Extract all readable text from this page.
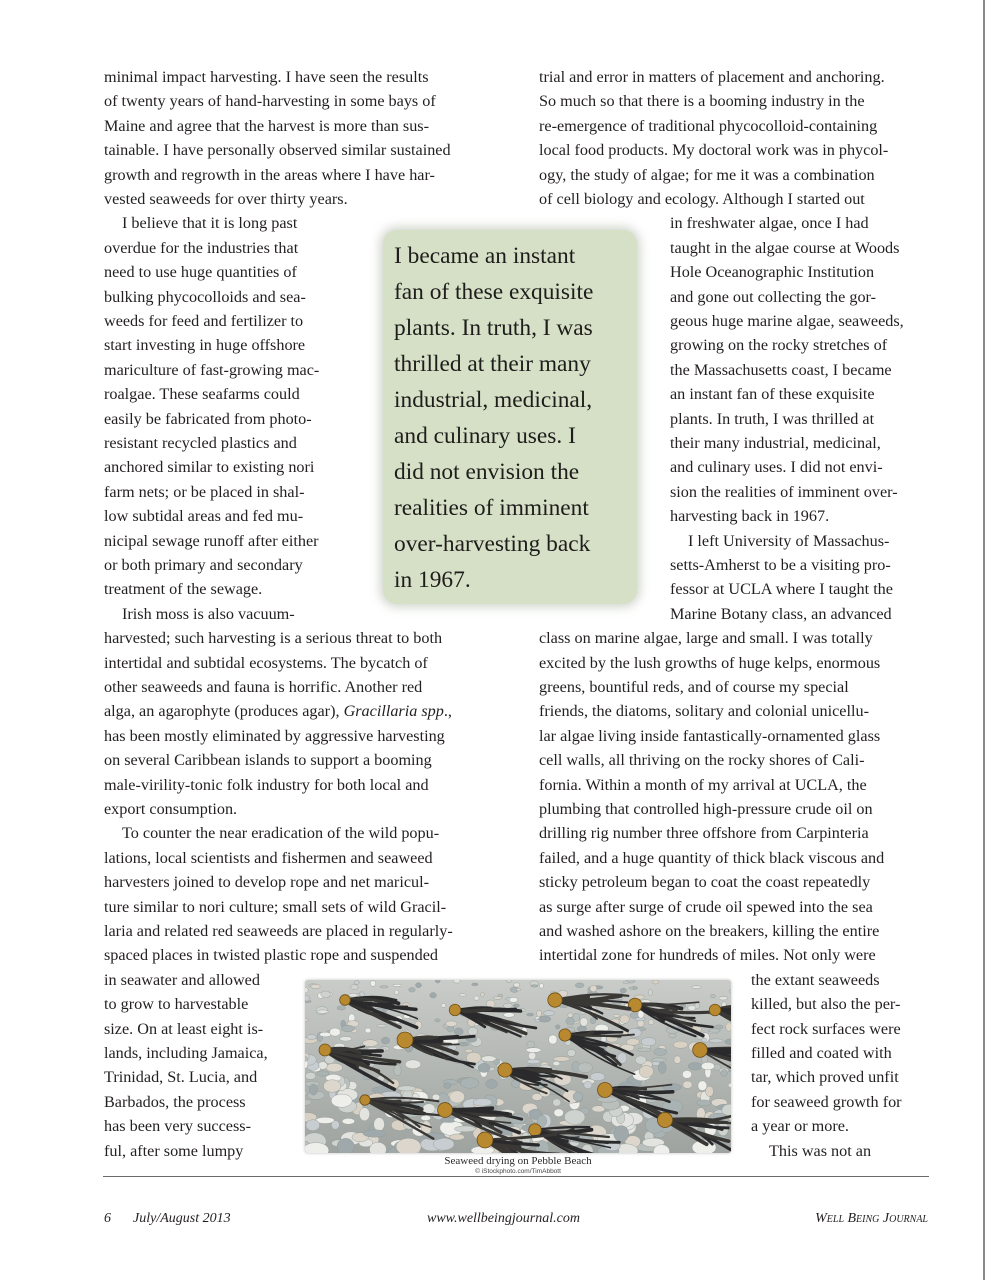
minimal impact harvesting. I have seen the results
of twenty years of hand-harvesting in some bays of
Maine and agree that the harvest is more than sus-
tainable. I have personally observed similar sustained
growth and regrowth in the areas where I have har-
vested seaweeds for over thirty years.
I believe that it is long past
overdue for the industries that
need to use huge quantities of
bulking phycocolloids and sea-
weeds for feed and fertilizer to
start investing in huge offshore
mariculture of fast-growing mac-
roalgae. These seafarms could
easily be fabricated from photo-
resistant recycled plastics and
anchored similar to existing nori
farm nets; or be placed in shal-
low subtidal areas and fed mu-
nicipal sewage runoff after either
or both primary and secondary
treatment of the sewage.
Irish moss is also vacuum-
harvested; such harvesting is a serious threat to both
intertidal and subtidal ecosystems. The bycatch of
other seaweeds and fauna is horrific. Another red
alga, an agarophyte (produces agar), Gracillaria spp.,
has been mostly eliminated by aggressive harvesting
on several Caribbean islands to support a booming
male-virility-tonic folk industry for both local and
export consumption.
To counter the near eradication of the wild popu-
lations, local scientists and fishermen and seaweed
harvesters joined to develop rope and net maricul-
ture similar to nori culture; small sets of wild Gracil-
laria and related red seaweeds are placed in regularly-
spaced places in twisted plastic rope and suspended
in seawater and allowed
to grow to harvestable
size. On at least eight is-
lands, including Jamaica,
Trinidad, St. Lucia, and
Barbados, the process
has been very success-
ful, after some lumpy
trial and error in matters of placement and anchoring.
So much so that there is a booming industry in the
re-emergence of traditional phycocolloid-containing
local food products. My doctoral work was in phycol-
ogy, the study of algae; for me it was a combination
of cell biology and ecology. Although I started out
in freshwater algae, once I had
taught in the algae course at Woods
Hole Oceanographic Institution
and gone out collecting the gor-
geous huge marine algae, seaweeds,
growing on the rocky stretches of
the Massachusetts coast, I became
an instant fan of these exquisite
plants. In truth, I was thrilled at
their many industrial, medicinal,
and culinary uses. I did not envi-
sion the realities of imminent over-
harvesting back in 1967.
I left University of Massachus-
setts-Amherst to be a visiting pro-
fessor at UCLA where I taught the
Marine Botany class, an advanced
class on marine algae, large and small. I was totally
excited by the lush growths of huge kelps, enormous
greens, bountiful reds, and of course my special
friends, the diatoms, solitary and colonial unicellu-
lar algae living inside fantastically-ornamented glass
cell walls, all thriving on the rocky shores of Cali-
fornia. Within a month of my arrival at UCLA, the
plumbing that controlled high-pressure crude oil on
drilling rig number three offshore from Carpinteria
failed, and a huge quantity of thick black viscous and
sticky petroleum began to coat the coast repeatedly
as surge after surge of crude oil spewed into the sea
and washed ashore on the breakers, killing the entire
intertidal zone for hundreds of miles. Not only were
the extant seaweeds
killed, but also the per-
fect rock surfaces were
filled and coated with
tar, which proved unfit
for seaweed growth for
a year or more.
This was not an
I became an instant
fan of these exquisite
plants. In truth, I was
thrilled at their many
industrial, medicinal,
and culinary uses. I
did not envision the
realities of imminent
over-harvesting back
in 1967.
Seaweed drying on Pebble Beach
© iStockphoto.com/TimAbbott
6 July/August 2013	www.wellbeingjournal.com	Well Being Journal
